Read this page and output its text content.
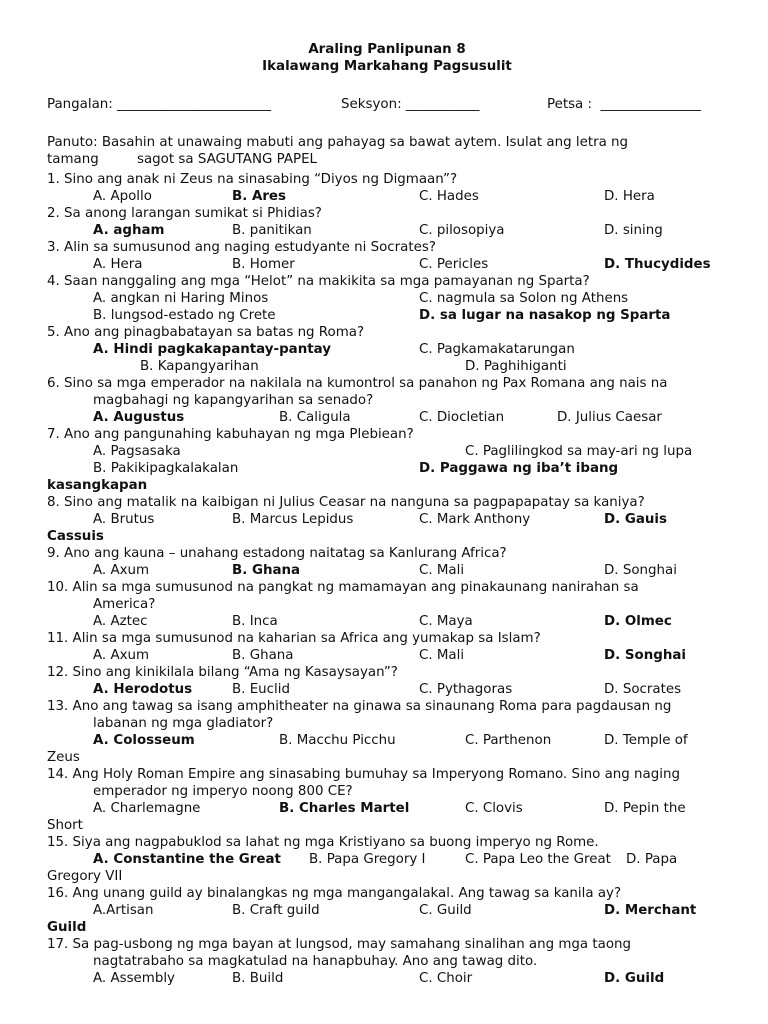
Araling Panlipunan 8
Ikalawang Markahang Pagsusulit
Pangalan: _______________________	Seksyon: ___________	Petsa :  _______________
Panuto: Basahin at unawaing mabuti ang pahayag sa bawat aytem. Isulat ang letra ng
tamang         sagot sa SAGUTANG PAPEL
1. Sino ang anak ni Zeus na sinasabing “Diyos ng Digmaan”?
A. Apollo	B. Ares	C. Hades	D. Hera
2. Sa anong larangan sumikat si Phidias?
A. agham	B. panitikan	C. pilosopiya	D. sining
3. Alin sa sumusunod ang naging estudyante ni Socrates?
A. Hera	B. Homer	C. Pericles	D. Thucydides
4. Saan nanggaling ang mga “Helot” na makikita sa mga pamayanan ng Sparta?
A. angkan ni Haring Minos	C. nagmula sa Solon ng Athens
B. lungsod-estado ng Crete	D. sa lugar na nasakop ng Sparta
5. Ano ang pinagbabatayan sa batas ng Roma?
A. Hindi pagkakapantay-pantay	C. Pagkamakatarungan
B. Kapangyarihan	D. Paghihiganti
6. Sino sa mga emperador na nakilala na kumontrol sa panahon ng Pax Romana ang nais na
magbahagi ng kapangyarihan sa senado?
A. Augustus	B. Caligula	C. Diocletian	D. Julius Caesar
7. Ano ang pangunahing kabuhayan ng mga Plebiean?
A. Pagsasaka	C. Paglilingkod sa may-ari ng lupa
B. Pakikipagkalakalan	D. Paggawa ng iba’t ibang
kasangkapan
8. Sino ang matalik na kaibigan ni Julius Ceasar na nanguna sa pagpapapatay sa kaniya?
A. Brutus	B. Marcus Lepidus	C. Mark Anthony	D. Gauis
Cassuis
9. Ano ang kauna – unahang estadong naitatag sa Kanlurang Africa?
A. Axum	B. Ghana	C. Mali	D. Songhai
10. Alin sa mga sumusunod na pangkat ng mamamayan ang pinakaunang nanirahan sa
America?
A. Aztec	B. Inca	C. Maya	D. Olmec
11. Alin sa mga sumusunod na kaharian sa Africa ang yumakap sa Islam?
A. Axum	B. Ghana	C. Mali	D. Songhai
12. Sino ang kinikilala bilang “Ama ng Kasaysayan”?
A. Herodotus	B. Euclid	C. Pythagoras	D. Socrates
13. Ano ang tawag sa isang amphitheater na ginawa sa sinaunang Roma para pagdausan ng
labanan ng mga gladiator?
A. Colosseum	B. Macchu Picchu	C. Parthenon	D. Temple of
Zeus
14. Ang Holy Roman Empire ang sinasabing bumuhay sa Imperyong Romano. Sino ang naging
emperador ng imperyo noong 800 CE?
A. Charlemagne	B. Charles Martel	C. Clovis	D. Pepin the
Short
15. Siya ang nagpabuklod sa lahat ng mga Kristiyano sa buong imperyo ng Rome.
A. Constantine the Great B. Papa Gregory I	C. Papa Leo the Great D. Papa
Gregory VII
16. Ang unang guild ay binalangkas ng mga mangangalakal. Ang tawag sa kanila ay?
A.Artisan	B. Craft guild	C. Guild	D. Merchant
Guild
17. Sa pag-usbong ng mga bayan at lungsod, may samahang sinalihan ang mga taong
nagtatrabaho sa magkatulad na hanapbuhay. Ano ang tawag dito.
A. Assembly	B. Build	C. Choir	D. Guild
